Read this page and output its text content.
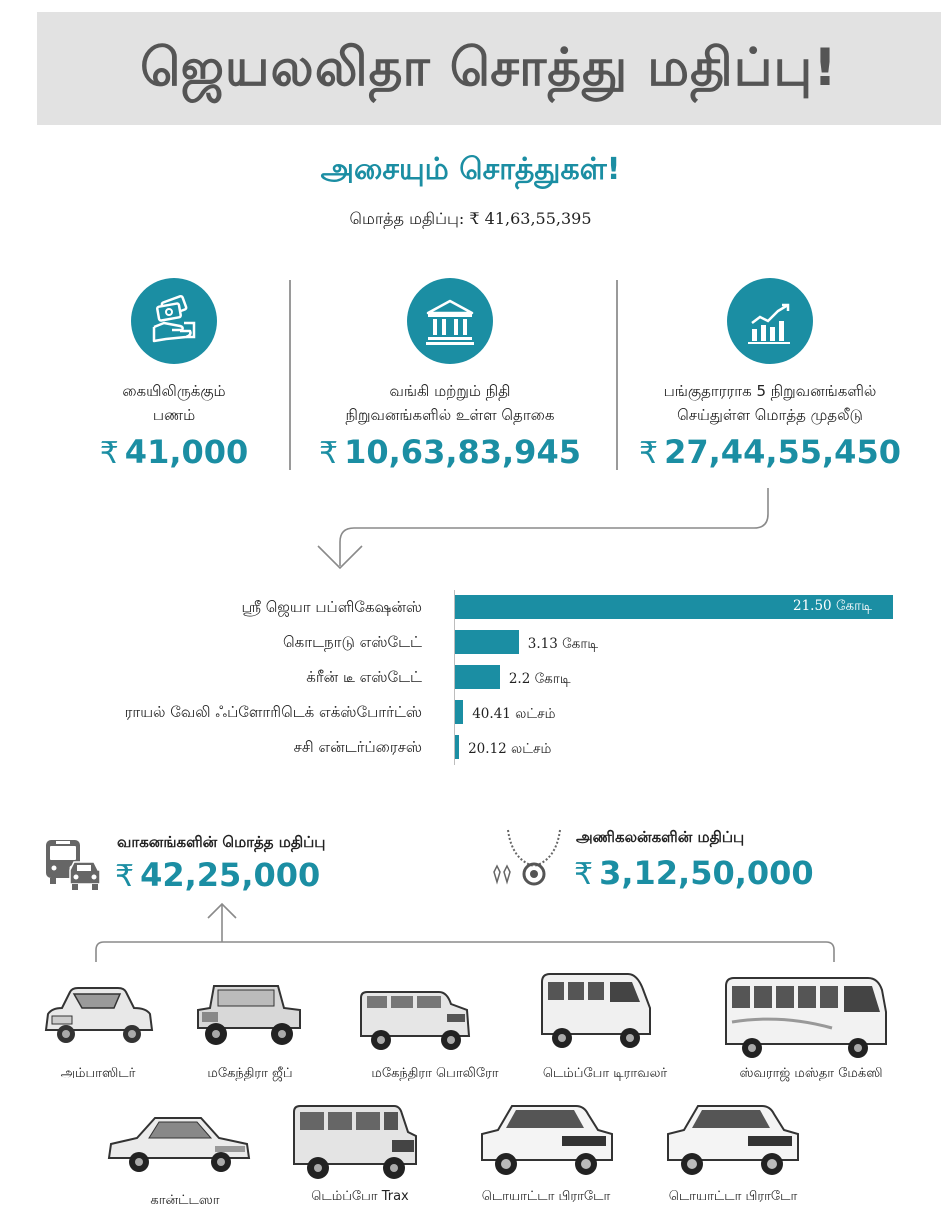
ஜெயலலிதா சொத்து மதிப்பு!
அசையும் சொத்துகள்!
மொத்த மதிப்பு: ₹ 41,63,55,395
கையிலிருக்கும்
பணம்
₹ 41,000
வங்கி மற்றும் நிதி
நிறுவனங்களில் உள்ள தொகை
₹ 10,63,83,945
பங்குதாரராக 5 நிறுவனங்களில்
செய்துள்ள மொத்த முதலீடு
₹ 27,44,55,450
ஸ்ரீ ஜெயா பப்ளிகேஷன்ஸ்	21.50 கோடி
கொடநாடு எஸ்டேட்	3.13 கோடி
க்ரீன் டீ எஸ்டேட்	2.2 கோடி
ராயல் வேலி ஃப்ளோரிடெக் எக்ஸ்போர்ட்ஸ்	40.41 லட்சம்
சசி என்டர்ப்ரைசஸ்	20.12 லட்சம்
வாகனங்களின் மொத்த மதிப்பு
₹ 42,25,000
அணிகலன்களின் மதிப்பு
₹ 3,12,50,000
அம்பாஸிடர்	மகேந்திரா ஜீப்	மகேந்திரா பொலிரோ	டெம்ப்போ டிராவலர்	ஸ்வராஜ் மஸ்தா மேக்ஸி
கான்ட்டஸா	டெம்ப்போ Trax	டொயாட்டா பிராடோ	டொயாட்டா பிராடோ
